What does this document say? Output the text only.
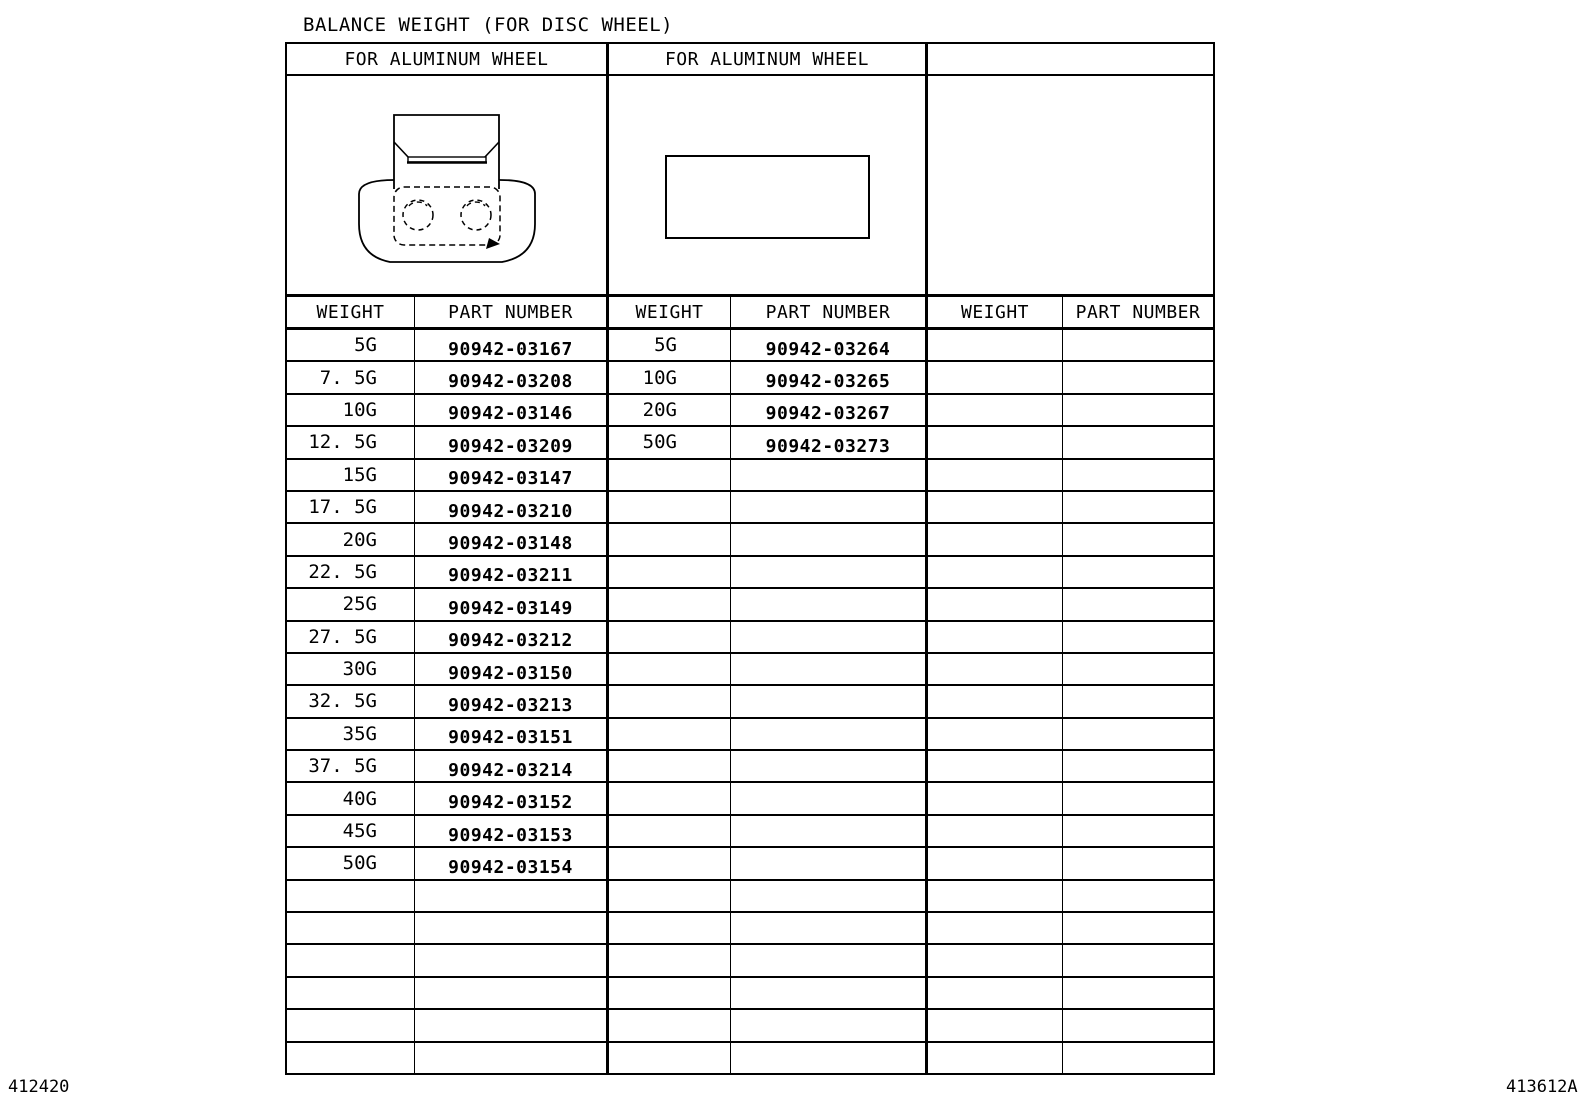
BALANCE WEIGHT (FOR DISC WHEEL)
FOR ALUMINUM WHEEL
WEIGHT	PART NUMBER
5G	90942-03167
7. 5G	90942-03208
10G	90942-03146
12. 5G	90942-03209
15G	90942-03147
17. 5G	90942-03210
20G	90942-03148
22. 5G	90942-03211
25G	90942-03149
27. 5G	90942-03212
30G	90942-03150
32. 5G	90942-03213
35G	90942-03151
37. 5G	90942-03214
40G	90942-03152
45G	90942-03153
50G	90942-03154
FOR ALUMINUM WHEEL
WEIGHT	PART NUMBER
5G	90942-03264
10G	90942-03265
20G	90942-03267
50G	90942-03273
WEIGHT	PART NUMBER
412420	413612A
